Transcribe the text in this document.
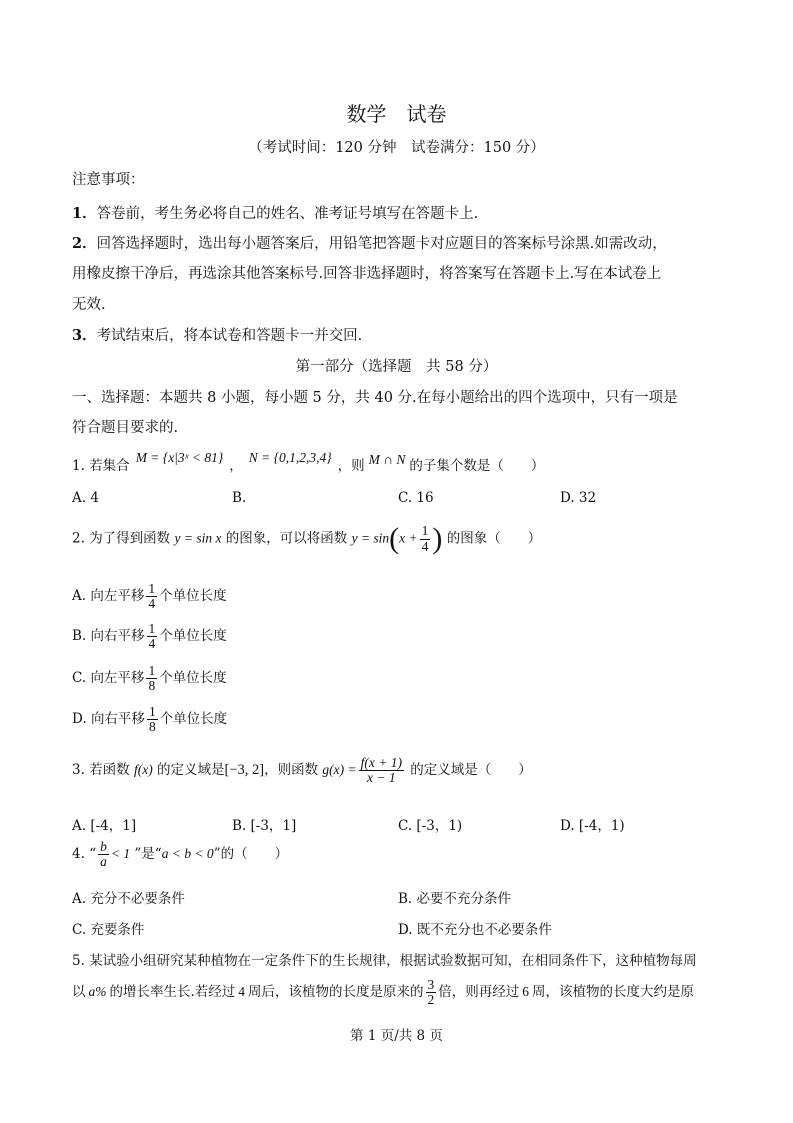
数学　试卷
（考试时间：120 分钟　试卷满分：150 分）
注意事项：
1．答卷前，考生务必将自己的姓名、准考证号填写在答题卡上.
2．回答选择题时，选出每小题答案后，用铅笔把答题卡对应题目的答案标号涂黑.如需改动，
用橡皮擦干净后，再选涂其他答案标号.回答非选择题时，将答案写在答题卡上.写在本试卷上
无效.
3．考试结束后，将本试卷和答题卡一并交回.
第一部分（选择题　共 58 分）
一、选择题：本题共 8 小题，每小题 5 分，共 40 分.在每小题给出的四个选项中，只有一项是
符合题目要求的.
1. 若集合M = {x|3ˣ < 81}，N = {0,1,2,3,4}，则 M ∩ N 的子集个数是（　　）
A. 4	B.	C. 16	D. 32
2. 为了得到函数 y = sin x 的图象，可以将函数 $y = \sin(x + \frac{1}{4}$ ) 的图象（　　）
A. 向左平移 $\frac{1}{4}$ 个单位长度
B. 向右平移 $\frac{1}{4}$ 个单位长度
C. 向左平移 $\frac{1}{8}$ 个单位长度
D. 向右平移 $\frac{1}{8}$ 个单位长度
3. 若函数 f(x) 的定义域是[−3, 2]，则函数 $g(x) = \frac{f(x + 1)}{x - 1}$ 的定义域是（　　）
A. [-4，1]	B. [-3，1]	C. [-3，1)	D. [-4，1)
4. “ $\frac{b}{a} < 1$ ”是“a < b < 0”的（　　）
A. 充分不必要条件	B. 必要不充分条件
C. 充要条件	D. 既不充分也不必要条件
5. 某试验小组研究某种植物在一定条件下的生长规律，根据试验数据可知，在相同条件下，这种植物每周
以 a% 的增长率生长.若经过 4 周后，该植物的长度是原来的 $\frac{3}{2}$ 倍，则再经过 6 周，该植物的长度大约是原
第 1 页/共 8 页
